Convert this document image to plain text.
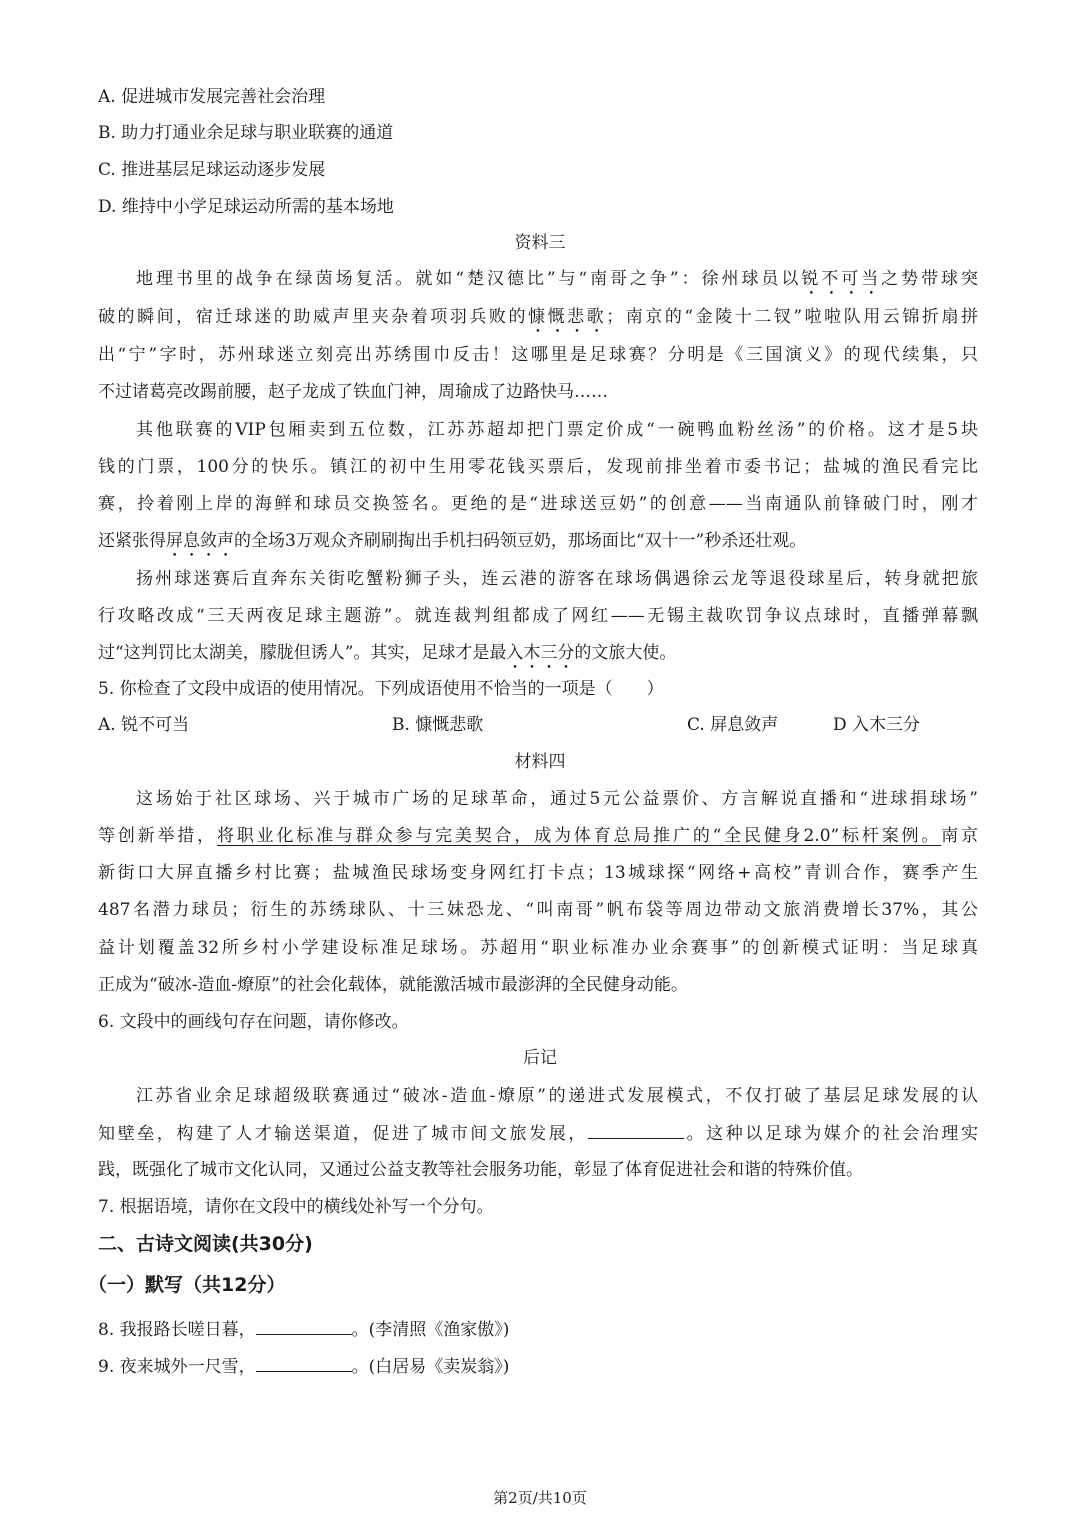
A. 促进城市发展完善社会治理
B. 助力打通业余足球与职业联赛的通道
C. 推进基层足球运动逐步发展
D. 维持中小学足球运动所需的基本场地
资料三
地理书里的战争在绿茵场复活。就如“楚汉德比”与“南哥之争”：徐州球员以锐不可当之势带球突
破的瞬间，宿迁球迷的助威声里夹杂着项羽兵败的慷慨悲歌；南京的“金陵十二钗”啦啦队用云锦折扇拼
出“宁”字时，苏州球迷立刻亮出苏绣围巾反击！这哪里是足球赛？分明是《三国演义》的现代续集，只
不过诸葛亮改踢前腰，赵子龙成了铁血门神，周瑜成了边路快马……
其他联赛的VIP包厢卖到五位数，江苏苏超却把门票定价成“一碗鸭血粉丝汤”的价格。这才是5块
钱的门票，100分的快乐。镇江的初中生用零花钱买票后，发现前排坐着市委书记；盐城的渔民看完比
赛，拎着刚上岸的海鲜和球员交换签名。更绝的是“进球送豆奶”的创意——当南通队前锋破门时，刚才
还紧张得屏息敛声的全场3万观众齐刷刷掏出手机扫码领豆奶，那场面比“双十一”秒杀还壮观。
扬州球迷赛后直奔东关街吃蟹粉狮子头，连云港的游客在球场偶遇徐云龙等退役球星后，转身就把旅
行攻略改成“三天两夜足球主题游”。就连裁判组都成了网红——无锡主裁吹罚争议点球时，直播弹幕飘
过“这判罚比太湖美，朦胧但诱人”。其实，足球才是最入木三分的文旅大使。
5. 你检查了文段中成语的使用情况。下列成语使用不恰当的一项是（　　）
A. 锐不可当	B. 慷慨悲歌	C. 屏息敛声	D 入木三分
材料四
这场始于社区球场、兴于城市广场的足球革命，通过5元公益票价、方言解说直播和“进球捐球场”
等创新举措，将职业化标准与群众参与完美契合，成为体育总局推广的“全民健身2.0”标杆案例。南京
新街口大屏直播乡村比赛；盐城渔民球场变身网红打卡点；13城球探“网络+高校”青训合作，赛季产生
487名潜力球员；衍生的苏绣球队、十三妹恐龙、“叫南哥”帆布袋等周边带动文旅消费增长37%，其公
益计划覆盖32所乡村小学建设标准足球场。苏超用“职业标准办业余赛事”的创新模式证明：当足球真
正成为“破冰-造血-燎原”的社会化载体，就能激活城市最澎湃的全民健身动能。
6. 文段中的画线句存在问题，请你修改。
后记
江苏省业余足球超级联赛通过“破冰-造血-燎原”的递进式发展模式，不仅打破了基层足球发展的认
知壁垒，构建了人才输送渠道，促进了城市间文旅发展，	。这种以足球为媒介的社会治理实
践，既强化了城市文化认同，又通过公益支教等社会服务功能，彰显了体育促进社会和谐的特殊价值。
7. 根据语境，请你在文段中的横线处补写一个分句。
二、古诗文阅读(共30分)
（一）默写（共12分）
8. 我报路长嗟日暮，	。(李清照《渔家傲》)
9. 夜来城外一尺雪，	。(白居易《卖炭翁》)
第2页/共10页
